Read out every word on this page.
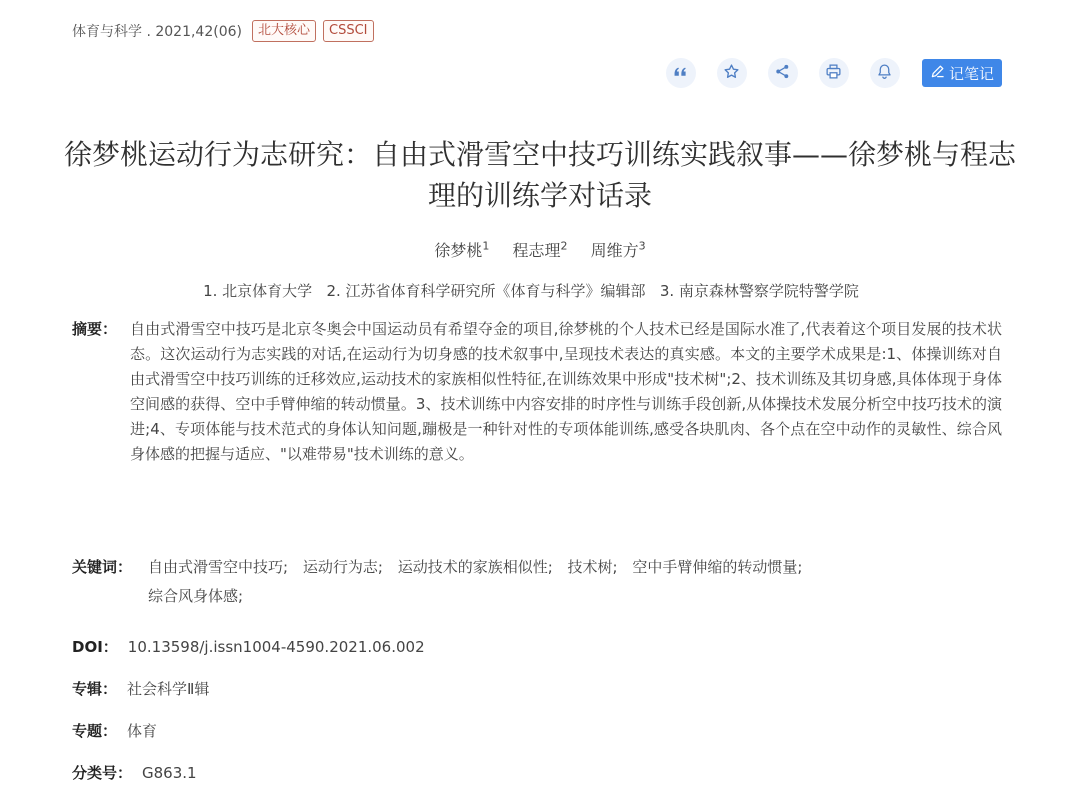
体育与科学 . 2021,42(06)	北大核心	CSSCI
记笔记
徐梦桃运动行为志研究：自由式滑雪空中技巧训练实践叙事——徐梦桃与程志理的训练学对话录
徐梦桃$^1$ 程志理$^2$ 周维方$^3$
1. 北京体育大学   2. 江苏省体育科学研究所《体育与科学》编辑部   3. 南京森林警察学院特警学院
摘要： 自由式滑雪空中技巧是北京冬奥会中国运动员有希望夺金的项目,徐梦桃的个人技术已经是国际水准了,代表着这个项目发展的技术状态。这次运动行为志实践的对话,在运动行为切身感的技术叙事中,呈现技术表达的真实感。本文的主要学术成果是:1、体操训练对自由式滑雪空中技巧训练的迁移效应,运动技术的家族相似性特征,在训练效果中形成"技术树";2、技术训练及其切身感,具体体现于身体空间感的获得、空中手臂伸缩的转动惯量。3、技术训练中内容安排的时序性与训练手段创新,从体操技术发展分析空中技巧技术的演进;4、专项体能与技术范式的身体认知问题,蹦极是一种针对性的专项体能训练,感受各块肌肉、各个点在空中动作的灵敏性、综合风身体感的把握与适应、"以难带易"技术训练的意义。
关键词： 自由式滑雪空中技巧; 运动行为志; 运动技术的家族相似性; 技术树; 空中手臂伸缩的转动惯量;
综合风身体感;
DOI： 10.13598/j.issn1004-4590.2021.06.002
专辑： 社会科学Ⅱ辑
专题： 体育
分类号： G863.1
